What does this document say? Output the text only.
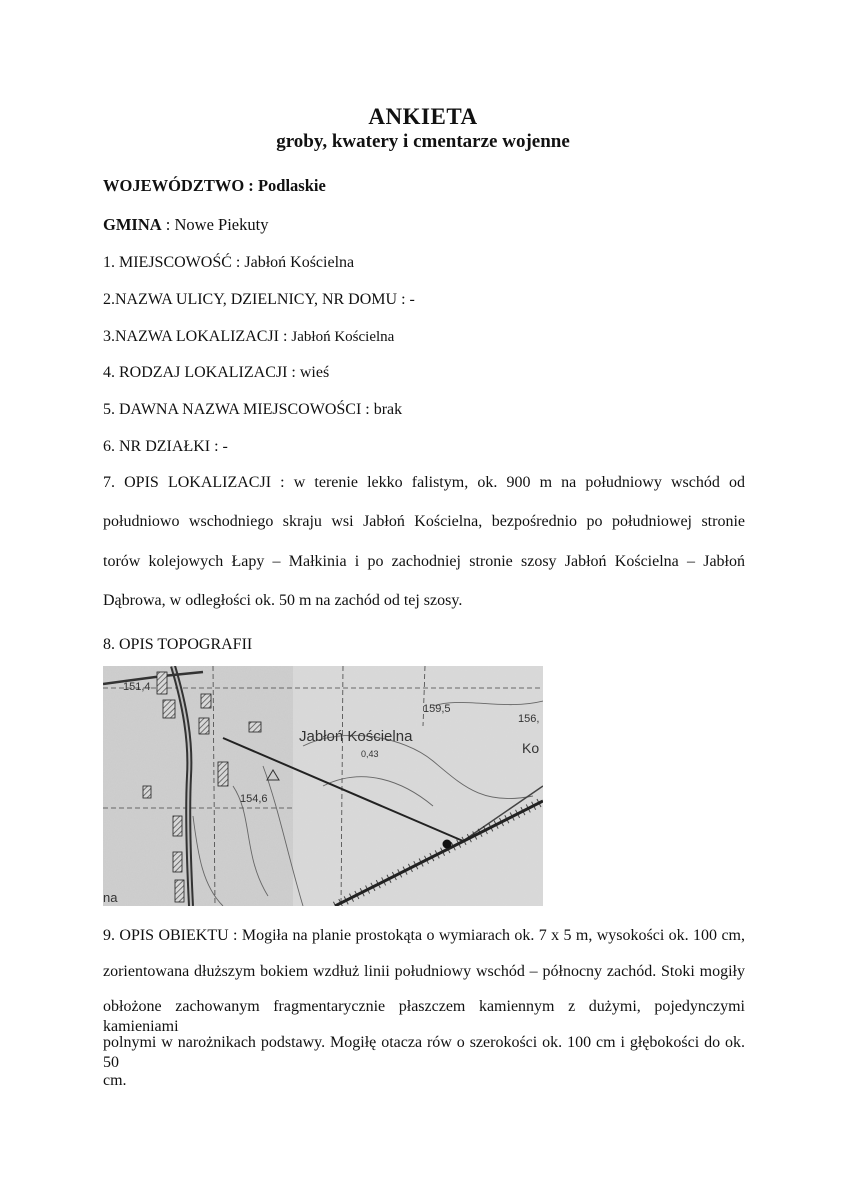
ANKIETA
groby, kwatery i cmentarze wojenne
WOJEWÓDZTWO : Podlaskie
GMINA : Nowe Piekuty
1. MIEJSCOWOŚĆ : Jabłoń Kościelna
2.NAZWA ULICY, DZIELNICY, NR DOMU : -
3.NAZWA LOKALIZACJI : Jabłoń Kościelna
4. RODZAJ LOKALIZACJI : wieś
5. DAWNA NAZWA MIEJSCOWOŚCI : brak
6. NR DZIAŁKI : -
7. OPIS LOKALIZACJI : w terenie lekko falistym, ok. 900 m na południowy wschód od
południowo wschodniego skraju wsi Jabłoń Kościelna, bezpośrednio po południowej stronie
torów kolejowych Łapy – Małkinia i po zachodniej stronie szosy Jabłoń Kościelna – Jabłoń
Dąbrowa, w odległości ok. 50 m na zachód od tej szosy.
8. OPIS TOPOGRAFII
151,4
159,5
156,
Jabłoń Kościelna
0,43	Ko
154,6
na
9. OPIS OBIEKTU : Mogiła na planie prostokąta o wymiarach ok. 7 x 5 m, wysokości ok. 100 cm,
zorientowana dłuższym bokiem wzdłuż linii południowy wschód – północny zachód. Stoki mogiły
obłożone zachowanym fragmentarycznie płaszczem kamiennym z dużymi, pojedynczymi kamieniami
polnymi w narożnikach podstawy. Mogiłę otacza rów o szerokości ok. 100 cm i głębokości do ok. 50
cm.
